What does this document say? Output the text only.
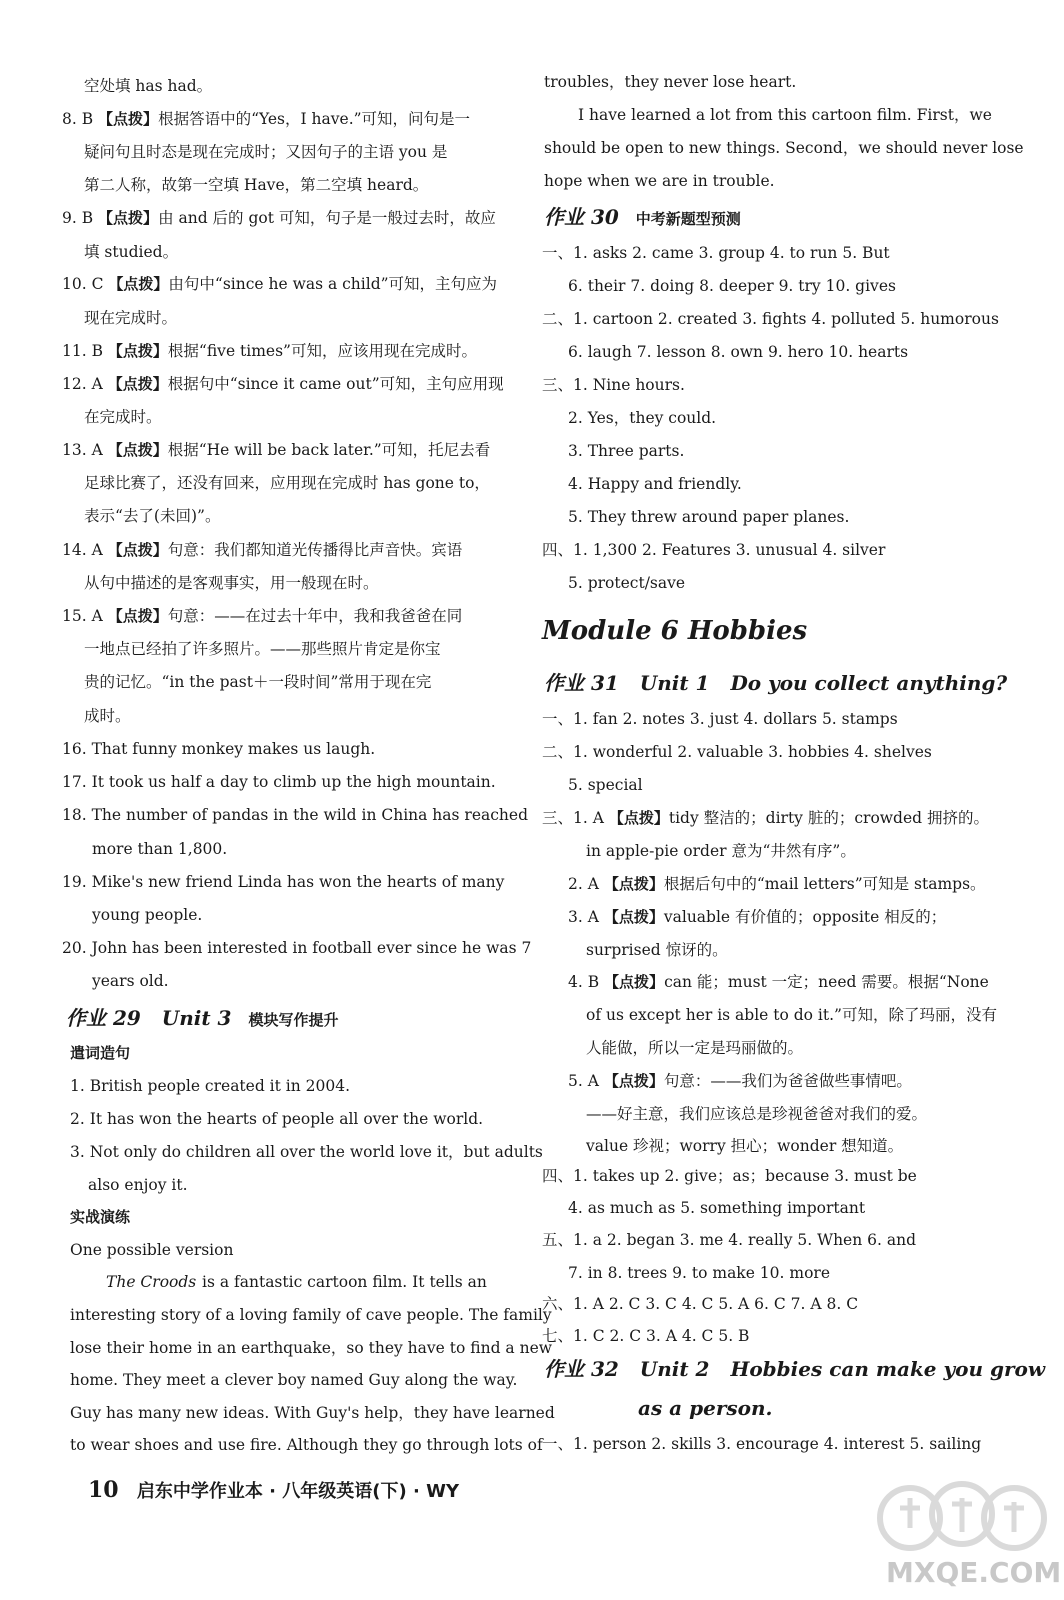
空处填 has had。
8. B 【点拨】根据答语中的“Yes，I have.”可知，问句是一
疑问句且时态是现在完成时；又因句子的主语 you 是
第二人称，故第一空填 Have，第二空填 heard。
9. B 【点拨】由 and 后的 got 可知，句子是一般过去时，故应
填 studied。
10. C 【点拨】由句中“since he was a child”可知，主句应为
现在完成时。
11. B 【点拨】根据“five times”可知，应该用现在完成时。
12. A 【点拨】根据句中“since it came out”可知，主句应用现
在完成时。
13. A 【点拨】根据“He will be back later.”可知，托尼去看
足球比赛了，还没有回来，应用现在完成时 has gone to，
表示“去了(未回)”。
14. A 【点拨】句意：我们都知道光传播得比声音快。宾语
从句中描述的是客观事实，用一般现在时。
15. A 【点拨】句意：——在过去十年中，我和我爸爸在同
一地点已经拍了许多照片。——那些照片肯定是你宝
贵的记忆。“in the past＋一段时间”常用于现在完
成时。
16. That funny monkey makes us laugh.
17. It took us half a day to climb up the high mountain.
18. The number of pandas in the wild in China has reached
more than 1,800.
19. Mike's new friend Linda has won the hearts of many
young people.
20. John has been interested in football ever since he was 7
years old.
1. British people created it in 2004.
2. It has won the hearts of people all over the world.
3. Not only do children all over the world love it，but adults
also enjoy it.
One possible version
is a fantastic cartoon film. It tells an
interesting story of a loving family of cave people. The family
lose their home in an earthquake，so they have to find a new
home. They meet a clever boy named Guy along the way.
Guy has many new ideas. With Guy's help，they have learned
to wear shoes and use fire. Although they go through lots of
作业 29 Unit 3 模块写作提升
遣词造句
实战演练
The Croods
troubles，they never lose heart.
I have learned a lot from this cartoon film. First，we
should be open to new things. Second，we should never lose
hope when we are in trouble.
一、1. asks 2. came 3. group 4. to run 5. But
6. their 7. doing 8. deeper 9. try 10. gives
二、1. cartoon 2. created 3. fights 4. polluted 5. humorous
6. laugh 7. lesson 8. own 9. hero 10. hearts
三、1. Nine hours.
2. Yes，they could.
3. Three parts.
4. Happy and friendly.
5. They threw around paper planes.
四、1. 1,300 2. Features 3. unusual 4. silver
5. protect/save
一、1. fan 2. notes 3. just 4. dollars 5. stamps
二、1. wonderful 2. valuable 3. hobbies 4. shelves
5. special
三、1. A 【点拨】tidy 整洁的；dirty 脏的；crowded 拥挤的。
in apple-pie order 意为“井然有序”。
2. A 【点拨】根据后句中的“mail letters”可知是 stamps。
3. A 【点拨】valuable 有价值的；opposite 相反的；
surprised 惊讶的。
4. B 【点拨】can 能；must 一定；need 需要。根据“None
of us except her is able to do it.”可知，除了玛丽，没有
人能做，所以一定是玛丽做的。
5. A 【点拨】句意：——我们为爸爸做些事情吧。
——好主意，我们应该总是珍视爸爸对我们的爱。
value 珍视；worry 担心；wonder 想知道。
四、1. takes up 2. give；as；because 3. must be
4. as much as 5. something important
五、1. a 2. began 3. me 4. really 5. When 6. and
7. in 8. trees 9. to make 10. more
六、1. A 2. C 3. C 4. C 5. A 6. C 7. A 8. C
七、1. C 2. C 3. A 4. C 5. B
一、1. person 2. skills 3. encourage 4. interest 5. sailing
作业 30 中考新题型预测
Module 6 Hobbies
作业 31 Unit 1 Do you collect anything?
作业 32 Unit 2 Hobbies can make you grow
as a person.
10 启东中学作业本 · 八年级英语(下) · WY
MXQE.COM
